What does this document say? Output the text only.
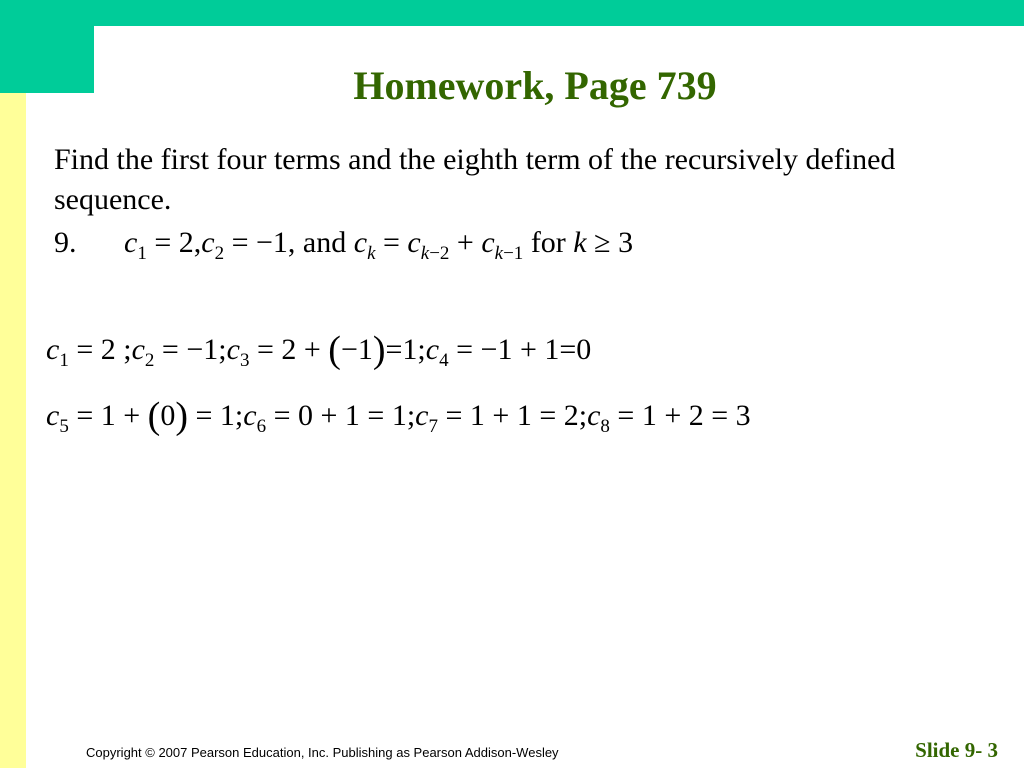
Homework, Page 739
Find the first four terms and the eighth term of the recursively defined sequence.
9. $c_1 = 2,c_2 = -1$, and $c_k = c_{k-2} + c_{k-1}$ for k ≥ 3
$c_1 = 2$ $;c_2$ = $-1;c_3 = 2$ + $(-1)=1;c_4 = -1 + 1=0$
$c_5 = 1 + (0)$ = $1;c_6 = 0 + 1$ = $1;c_7 = 1 + 1$ = $2;c_8 = 1 + 2 = 3$
Copyright © 2007 Pearson Education, Inc. Publishing as Pearson Addison-Wesley	Slide 9- 3
